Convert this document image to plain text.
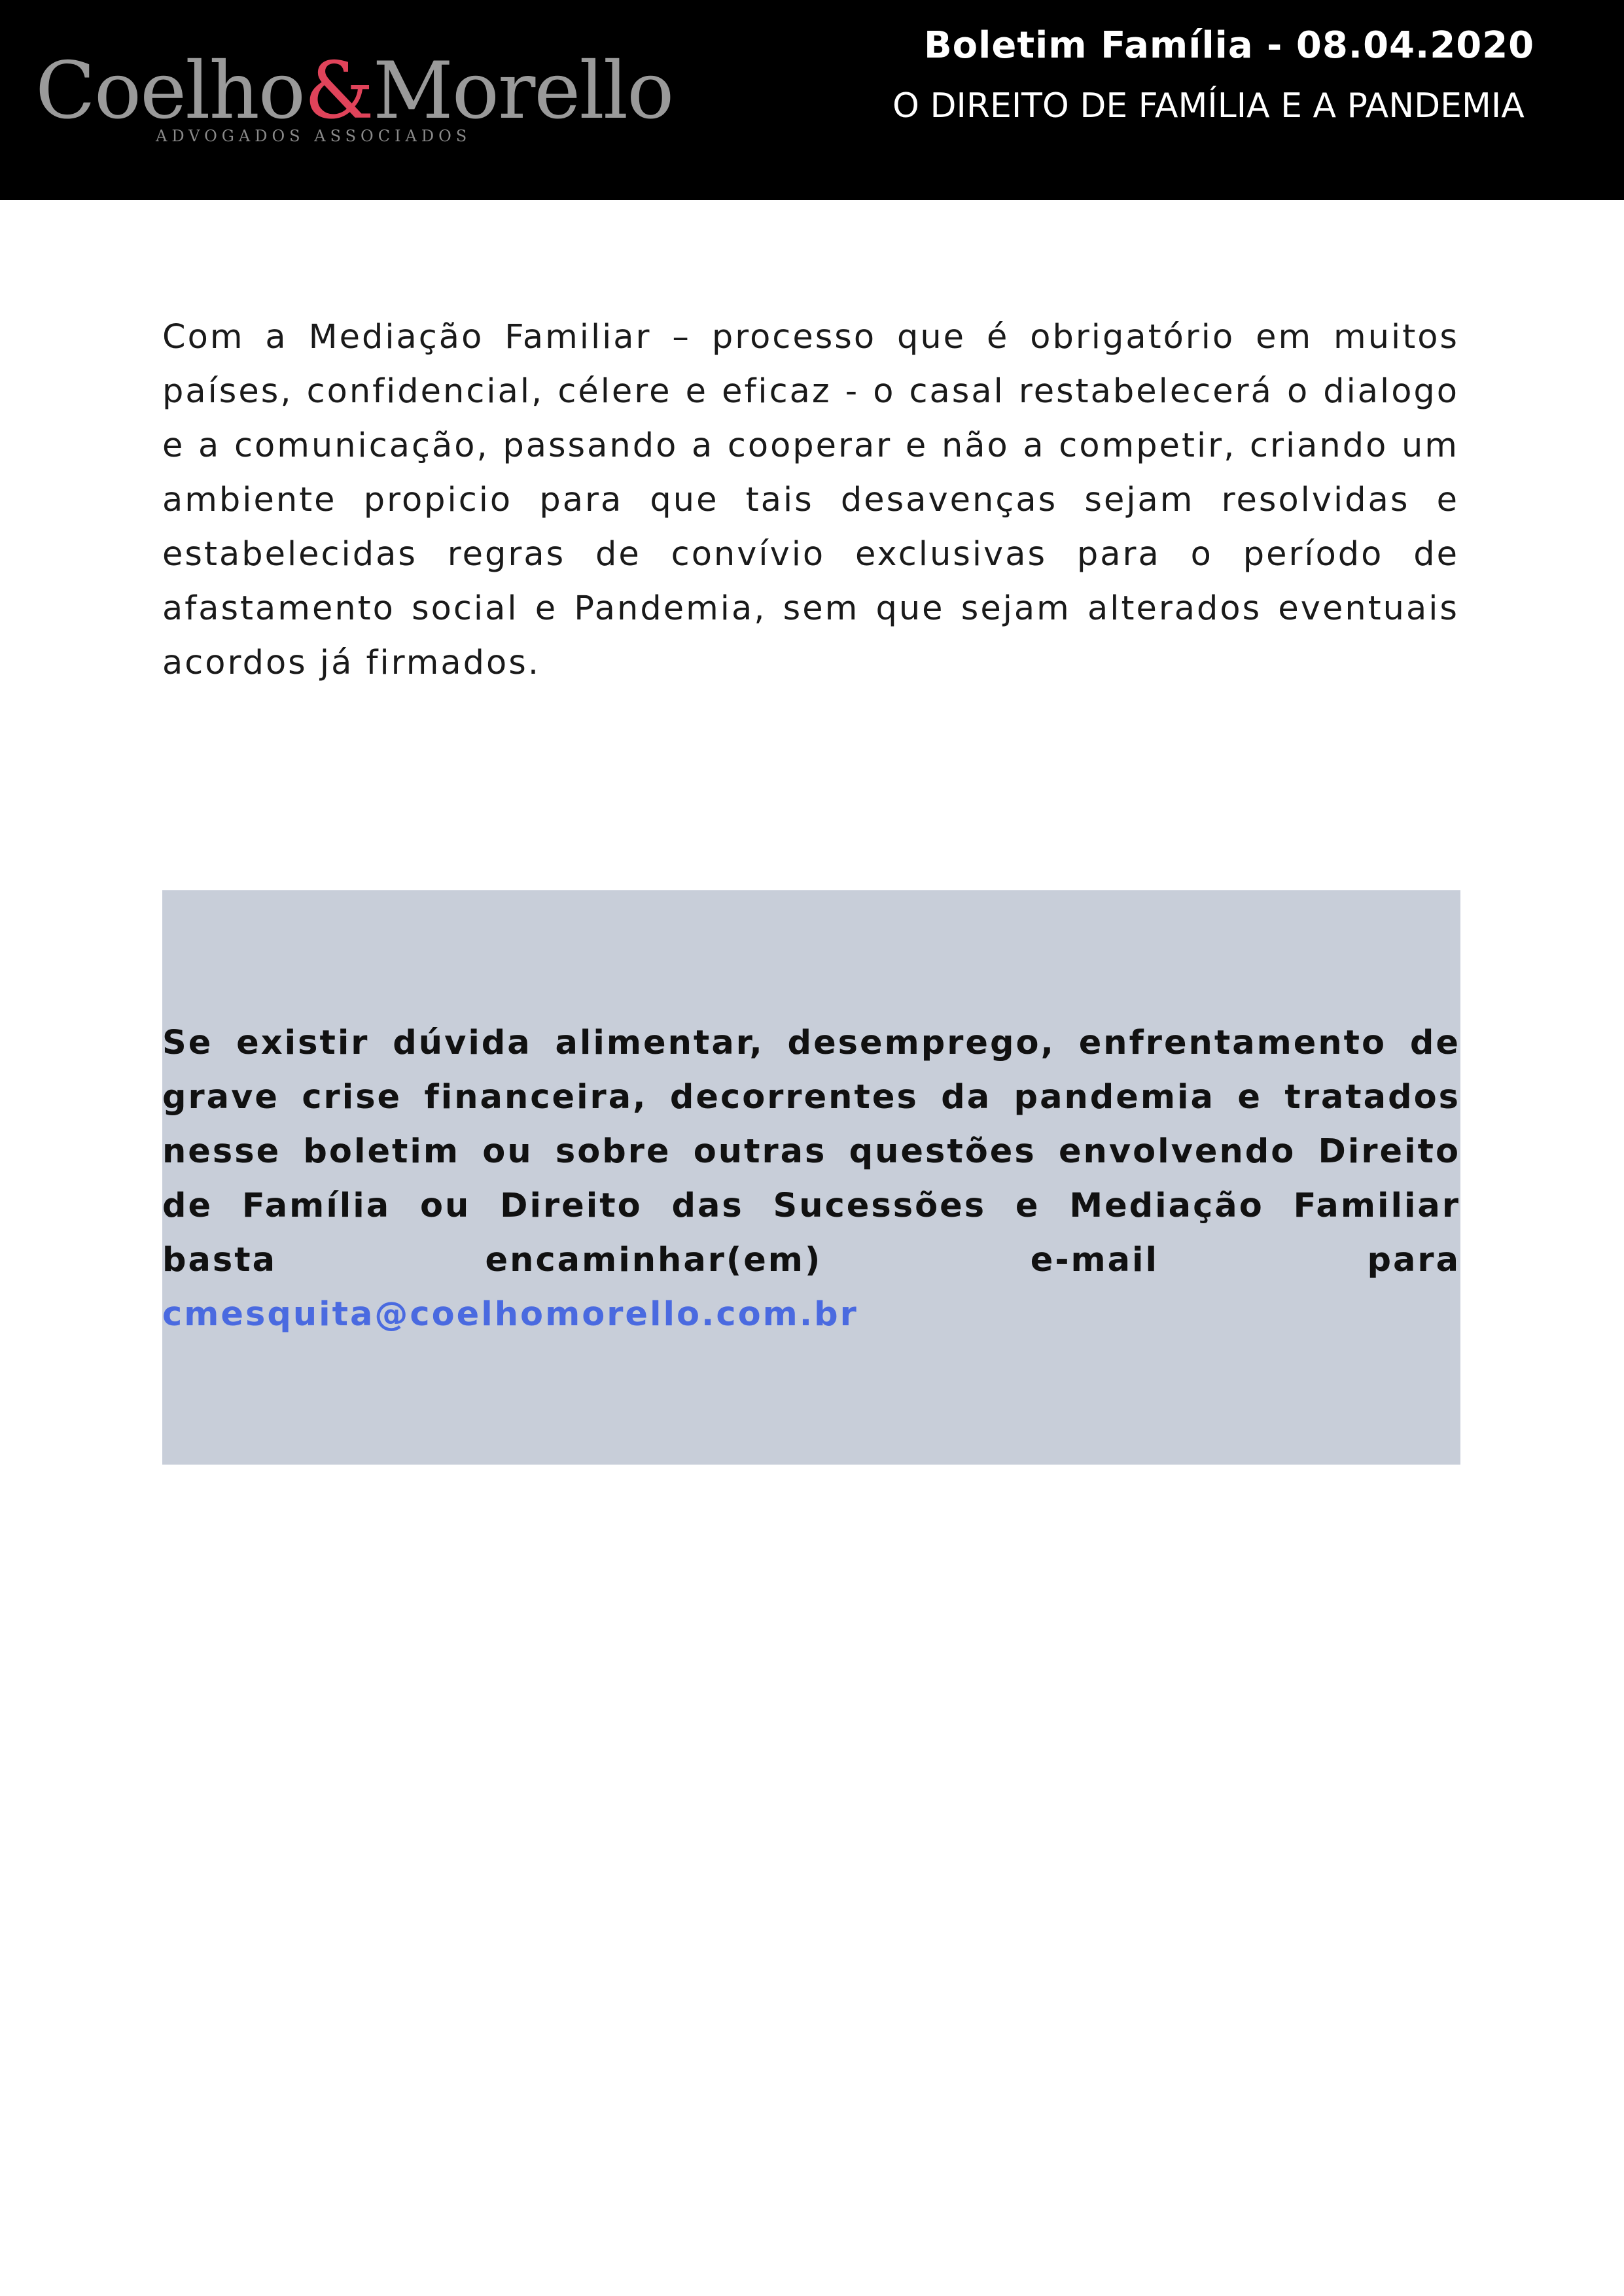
Coelho&Morello
ADVOGADOS ASSOCIADOS
Boletim Família - 08.04.2020
O DIREITO DE FAMÍLIA E A PANDEMIA

Com a Mediação Familiar – processo que é obrigatório em muitos países, confidencial, célere e eficaz - o casal restabelecerá o dialogo e a comunicação, passando a cooperar e não a competir, criando um ambiente propicio para que tais desavenças sejam resolvidas e estabelecidas regras de convívio exclusivas para o período de afastamento social e Pandemia, sem que sejam alterados eventuais acordos já firmados.

Se existir dúvida alimentar, desemprego, enfrentamento de grave crise financeira, decorrentes da pandemia e tratados nesse boletim ou sobre outras questões envolvendo Direito de Família ou Direito das Sucessões e Mediação Familiar basta encaminhar(em) e-mail para cmesquita@coelhomorello.com.br
